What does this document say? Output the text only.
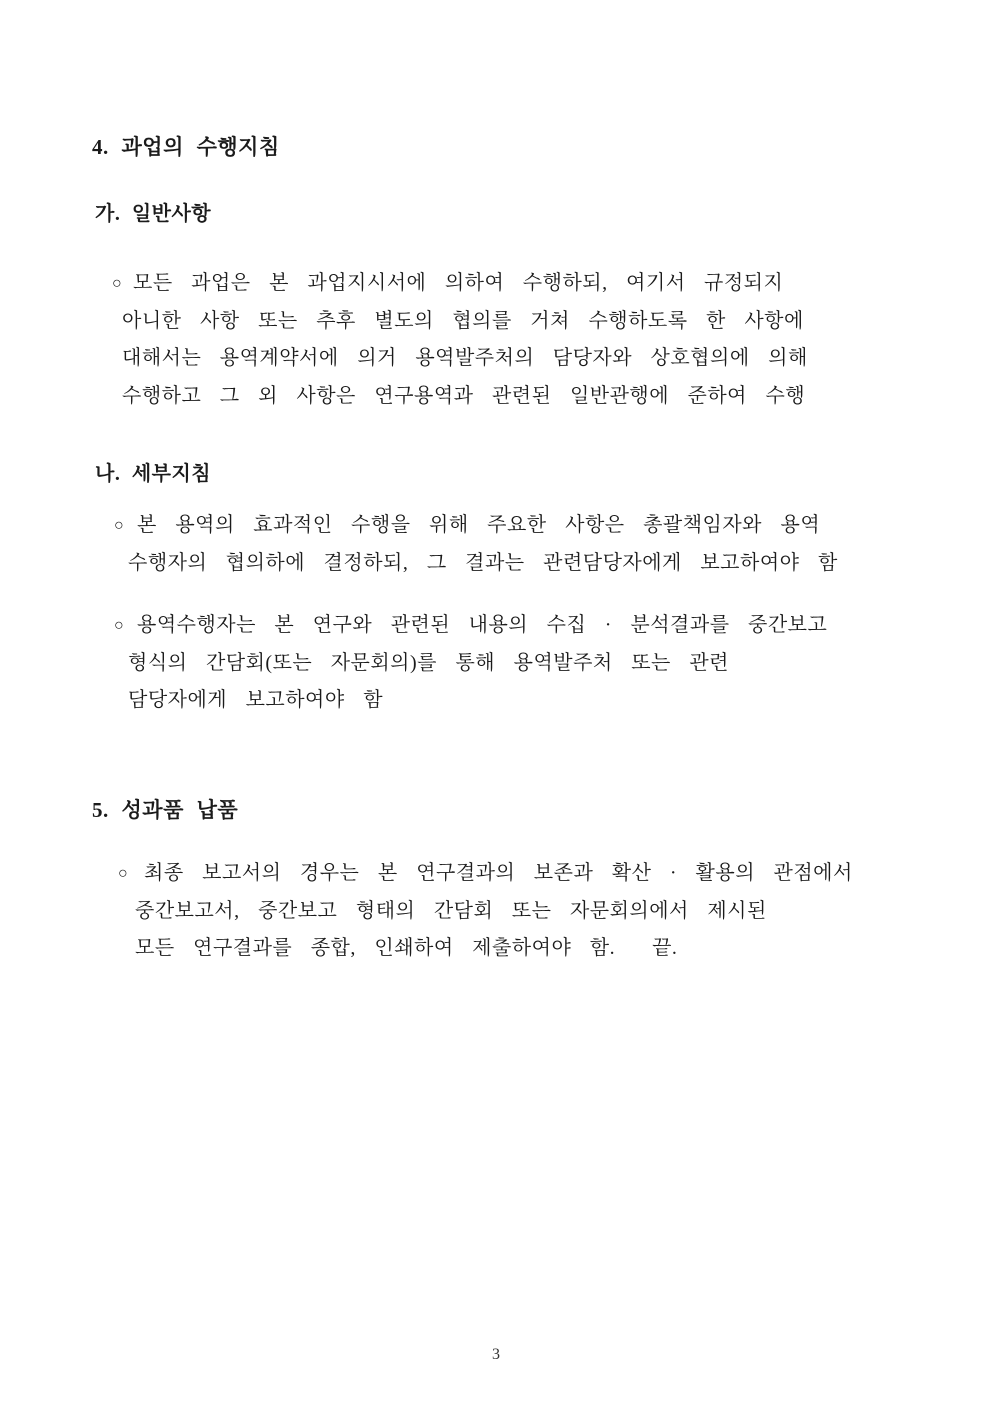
4. 과업의 수행지침
가. 일반사항
○ 모든 과업은 본 과업지시서에 의하여 수행하되, 여기서 규정되지
아니한 사항 또는 추후 별도의 협의를 거쳐 수행하도록 한 사항에
대해서는 용역계약서에 의거 용역발주처의 담당자와 상호협의에 의해
수행하고 그 외 사항은 연구용역과 관련된 일반관행에 준하여 수행
나. 세부지침
○ 본 용역의 효과적인 수행을 위해 주요한 사항은 총괄책임자와 용역
수행자의 협의하에 결정하되, 그 결과는 관련담당자에게 보고하여야 함
○ 용역수행자는 본 연구와 관련된 내용의 수집 · 분석결과를 중간보고
형식의 간담회(또는 자문회의)를 통해 용역발주처 또는 관련
담당자에게 보고하여야 함
5. 성과품 납품
○ 최종 보고서의 경우는 본 연구결과의 보존과 확산 · 활용의 관점에서
중간보고서, 중간보고 형태의 간담회 또는 자문회의에서 제시된
모든 연구결과를 종합, 인쇄하여 제출하여야 함.  끝.
3
